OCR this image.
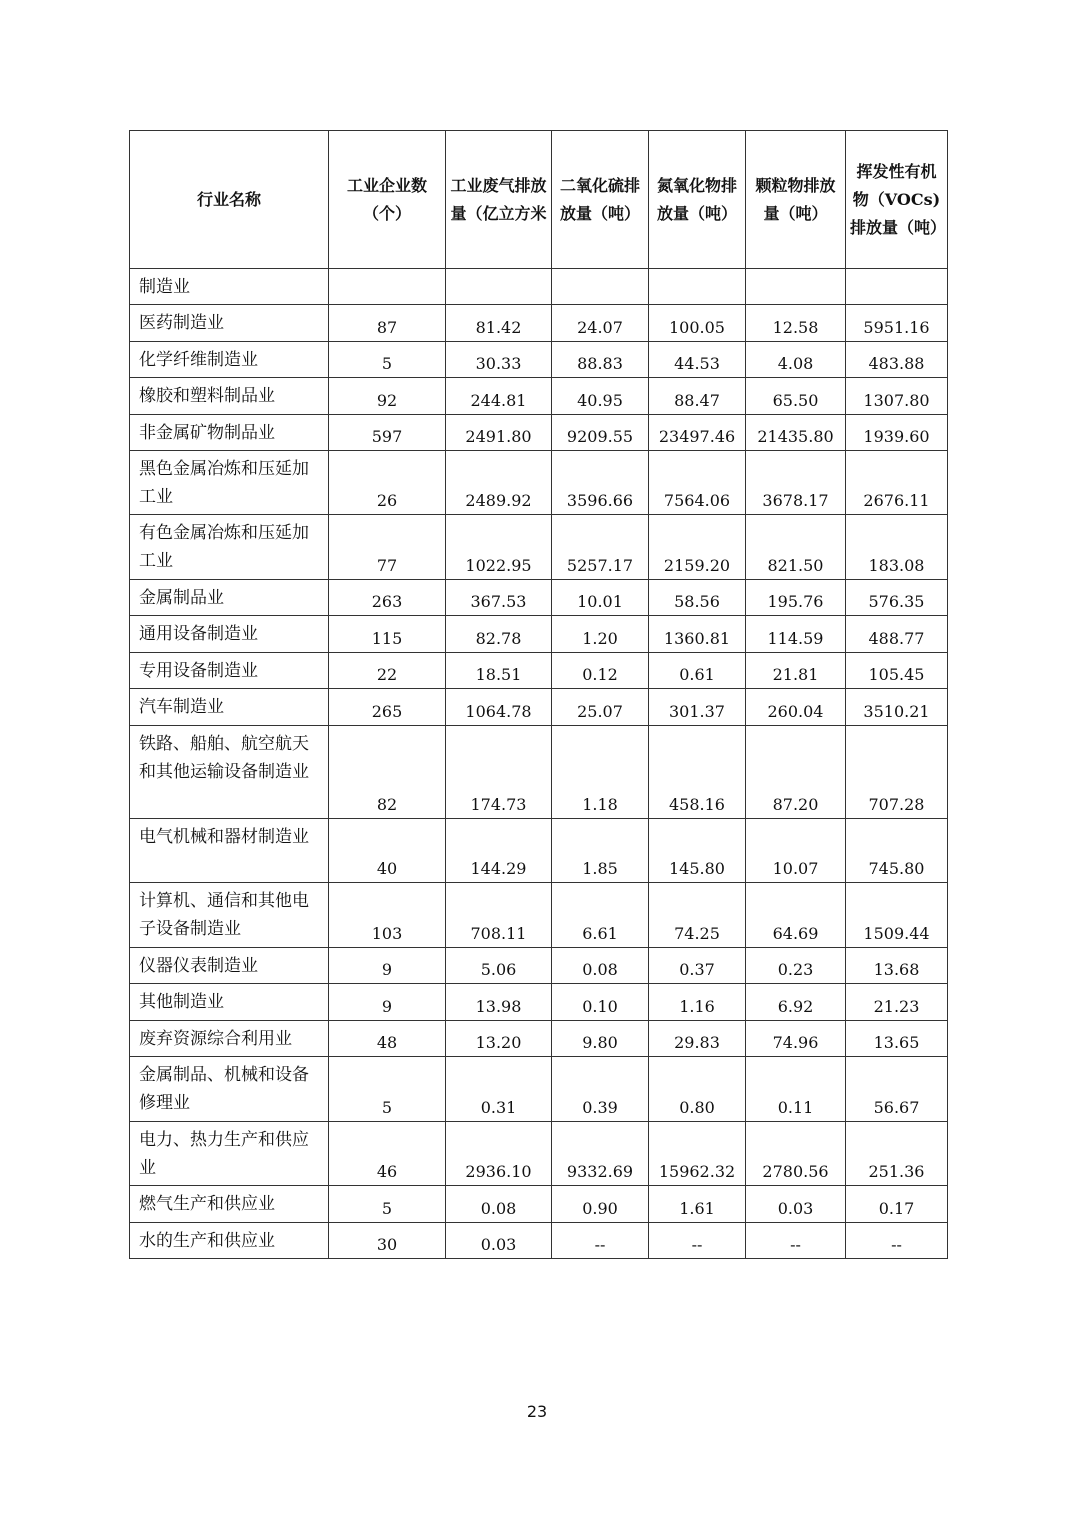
行业名称	工业企业数（个）	工业废气排放量（亿立方米	二氧化硫排放量（吨）	氮氧化物排放量（吨）	颗粒物排放量（吨）	挥发性有机物（VOCs)排放量（吨）
制造业						
医药制造业	87	81.42	24.07	100.05	12.58	5951.16
化学纤维制造业	5	30.33	88.83	44.53	4.08	483.88
橡胶和塑料制品业	92	244.81	40.95	88.47	65.50	1307.80
非金属矿物制品业	597	2491.80	9209.55	23497.46	21435.80	1939.60
黑色金属冶炼和压延加工业	26	2489.92	3596.66	7564.06	3678.17	2676.11
有色金属冶炼和压延加工业	77	1022.95	5257.17	2159.20	821.50	183.08
金属制品业	263	367.53	10.01	58.56	195.76	576.35
通用设备制造业	115	82.78	1.20	1360.81	114.59	488.77
专用设备制造业	22	18.51	0.12	0.61	21.81	105.45
汽车制造业	265	1064.78	25.07	301.37	260.04	3510.21
铁路、船舶、航空航天和其他运输设备制造业	82	174.73	1.18	458.16	87.20	707.28
电气机械和器材制造业	40	144.29	1.85	145.80	10.07	745.80
计算机、通信和其他电子设备制造业	103	708.11	6.61	74.25	64.69	1509.44
仪器仪表制造业	9	5.06	0.08	0.37	0.23	13.68
其他制造业	9	13.98	0.10	1.16	6.92	21.23
废弃资源综合利用业	48	13.20	9.80	29.83	74.96	13.65
金属制品、机械和设备修理业	5	0.31	0.39	0.80	0.11	56.67
电力、热力生产和供应业	46	2936.10	9332.69	15962.32	2780.56	251.36
燃气生产和供应业	5	0.08	0.90	1.61	0.03	0.17
水的生产和供应业	30	0.03	--	--	--	--
23
